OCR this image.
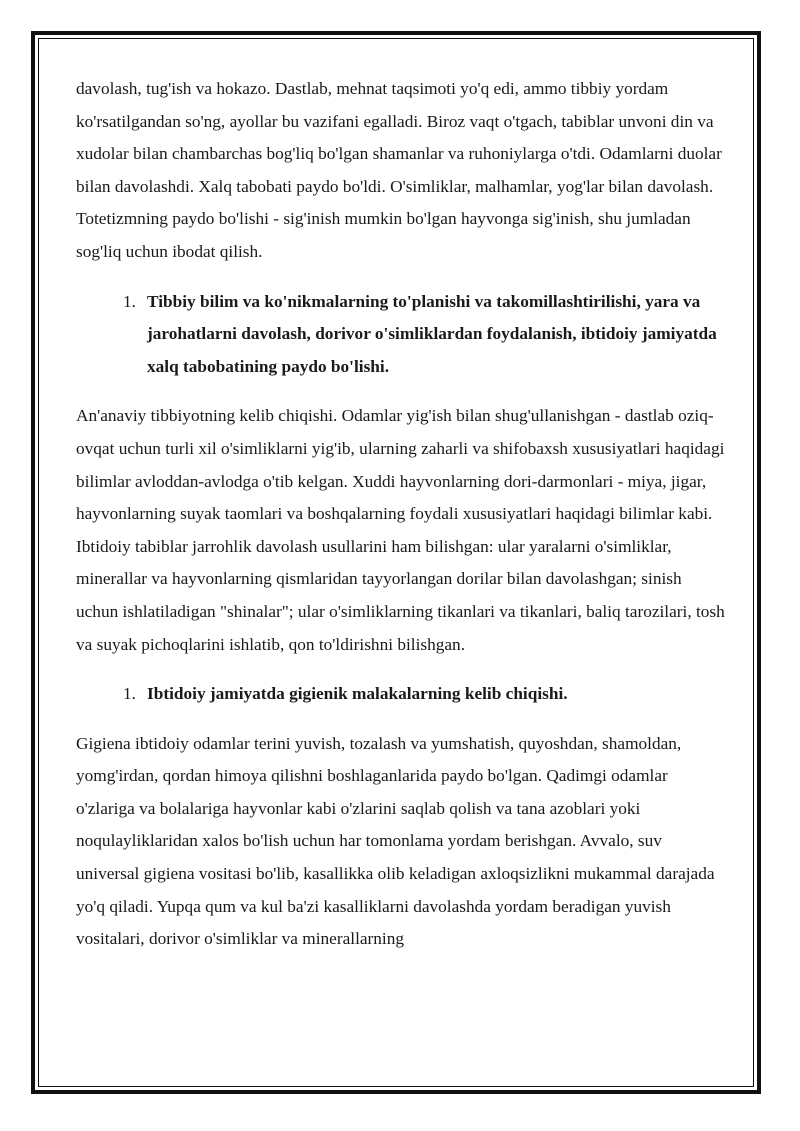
davolash, tug'ish va hokazo. Dastlab, mehnat taqsimoti yo'q edi, ammo tibbiy yordam ko'rsatilgandan so'ng, ayollar bu vazifani egalladi. Biroz vaqt o'tgach, tabiblar unvoni din va xudolar bilan chambarchas bog'liq bo'lgan shamanlar va ruhoniylarga o'tdi. Odamlarni duolar bilan davolashdi. Xalq tabobati paydo bo'ldi. O'simliklar, malhamlar, yog'lar bilan davolash. Totetizmning paydo bo'lishi - sig'inish mumkin bo'lgan hayvonga sig'inish, shu jumladan sog'liq uchun ibodat qilish.

1. Tibbiy bilim va ko'nikmalarning to'planishi va takomillashtirilishi, yara va jarohatlarni davolash, dorivor o'simliklardan foydalanish, ibtidoiy jamiyatda xalq tabobatining paydo bo'lishi.

An'anaviy tibbiyotning kelib chiqishi. Odamlar yig'ish bilan shug'ullanishgan - dastlab oziq-ovqat uchun turli xil o'simliklarni yig'ib, ularning zaharli va shifobaxsh xususiyatlari haqidagi bilimlar avloddan-avlodga o'tib kelgan. Xuddi hayvonlarning dori-darmonlari - miya, jigar, hayvonlarning suyak taomlari va boshqalarning foydali xususiyatlari haqidagi bilimlar kabi.

Ibtidoiy tabiblar jarrohlik davolash usullarini ham bilishgan: ular yaralarni o'simliklar, minerallar va hayvonlarning qismlaridan tayyorlangan dorilar bilan davolashgan; sinish uchun ishlatiladigan "shinalar"; ular o'simliklarning tikanlari va tikanlari, baliq tarozilari, tosh va suyak pichoqlarini ishlatib, qon to'ldirishni bilishgan.

1. Ibtidoiy jamiyatda gigienik malakalarning kelib chiqishi.

Gigiena ibtidoiy odamlar terini yuvish, tozalash va yumshatish, quyoshdan, shamoldan, yomg'irdan, qordan himoya qilishni boshlaganlarida paydo bo'lgan. Qadimgi odamlar o'zlariga va bolalariga hayvonlar kabi o'zlarini saqlab qolish va tana azoblari yoki noqulayliklaridan xalos bo'lish uchun har tomonlama yordam berishgan. Avvalo, suv universal gigiena vositasi bo'lib, kasallikka olib keladigan axloqsizlikni mukammal darajada yo'q qiladi. Yupqa qum va kul ba'zi kasalliklarni davolashda yordam beradigan yuvish vositalari, dorivor o'simliklar va minerallarning
